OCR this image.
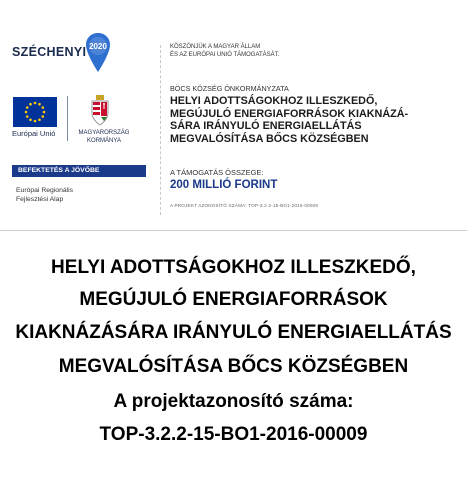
SZÉCHENYI 2020
Európai Unió	MAGYARORSZÁG
KORMÁNYA
BEFEKTETÉS A JÖVŐBE
Európai Regionális
Fejlesztési Alap
KÖSZÖNJÜK A MAGYAR ÁLLAM
ÉS AZ EURÓPAI UNIÓ TÁMOGATÁSÁT.
BÖCS KÖZSÉG ÖNKORMÁNYZATA
HELYI ADOTTSÁGOKHOZ ILLESZKEDŐ,
MEGÚJULÓ ENERGIAFORRÁSOK KIAKNÁZÁ-
SÁRA IRÁNYULÓ ENERGIAELLÁTÁS
MEGVALÓSÍTÁSA BŐCS KÖZSÉGBEN
A TÁMOGATÁS ÖSSZEGE:
200 MILLIÓ FORINT
A PROJEKT AZONOSÍTÓ SZÁMA: TOP-3.2.2-15-BO1-2016-00009
HELYI ADOTTSÁGOKHOZ ILLESZKEDŐ,
MEGÚJULÓ ENERGIAFORRÁSOK
KIAKNÁZÁSÁRA IRÁNYULÓ ENERGIAELLÁTÁS
MEGVALÓSÍTÁSA BŐCS KÖZSÉGBEN
A projektazonosító száma:
TOP-3.2.2-15-BO1-2016-00009
